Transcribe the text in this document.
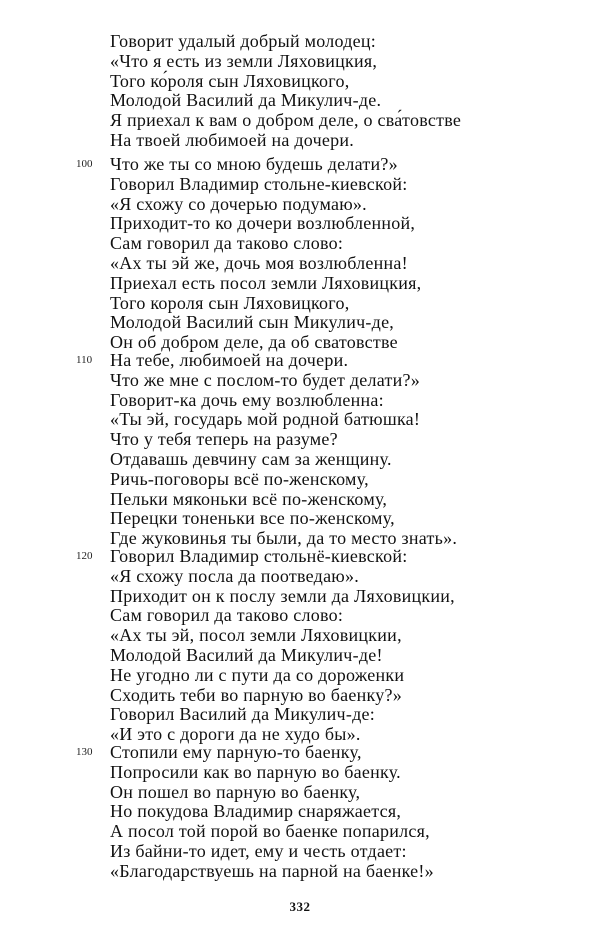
Говорит удалый добрый молодец:
«Что я есть из земли Ляховицкия,
Того ко́роля сын Ляховицкого,
Молодой Василий да Микулич-де.
Я приехал к вам о добром деле, о сва́товстве
На твоей любимоей на дочери.
100 Что же ты со мною будешь делати?»
Говорил Владимир стольне-киевской:
«Я схожу со дочерью подумаю».
Приходит-то ко дочери возлюбленной,
Сам говорил да таково слово:
«Ах ты эй же, дочь моя возлюбленна!
Приехал есть посол земли Ляховицкия,
Того короля сын Ляховицкого,
Молодой Василий сын Микулич-де,
Он об добром деле, да об сватовстве
110 На тебе, любимоей на дочери.
Что же мне с послом-то будет делати?»
Говорит-ка дочь ему возлюбленна:
«Ты эй, государь мой родной батюшка!
Что у тебя теперь на разуме?
Отдавашь девчину сам за женщину.
Ричь-поговоры всё по-женскому,
Пельки мяконьки всё по-женскому,
Перецки тоненьки все по-женскому,
Где жуковинья ты были, да то место знать».
120 Говорил Владимир стольнё-киевской:
«Я схожу посла да поотведаю».
Приходит он к послу земли да Ляховицкии,
Сам говорил да таково слово:
«Ах ты эй, посол земли Ляховицкии,
Молодой Василий да Микулич-де!
Не угодно ли с пути да со дороженки
Сходить теби во парную во баенку?»
Говорил Василий да Микулич-де:
«И это с дороги да не худо бы».
130 Стопили ему парную-то баенку,
Попросили как во парную во баенку.
Он пошел во парную во баенку,
Но покудова Владимир снаряжается,
А посол той порой во баенке попарился,
Из байни-то идет, ему и честь отдает:
«Благодарствуешь на парной на баенке!»
332
